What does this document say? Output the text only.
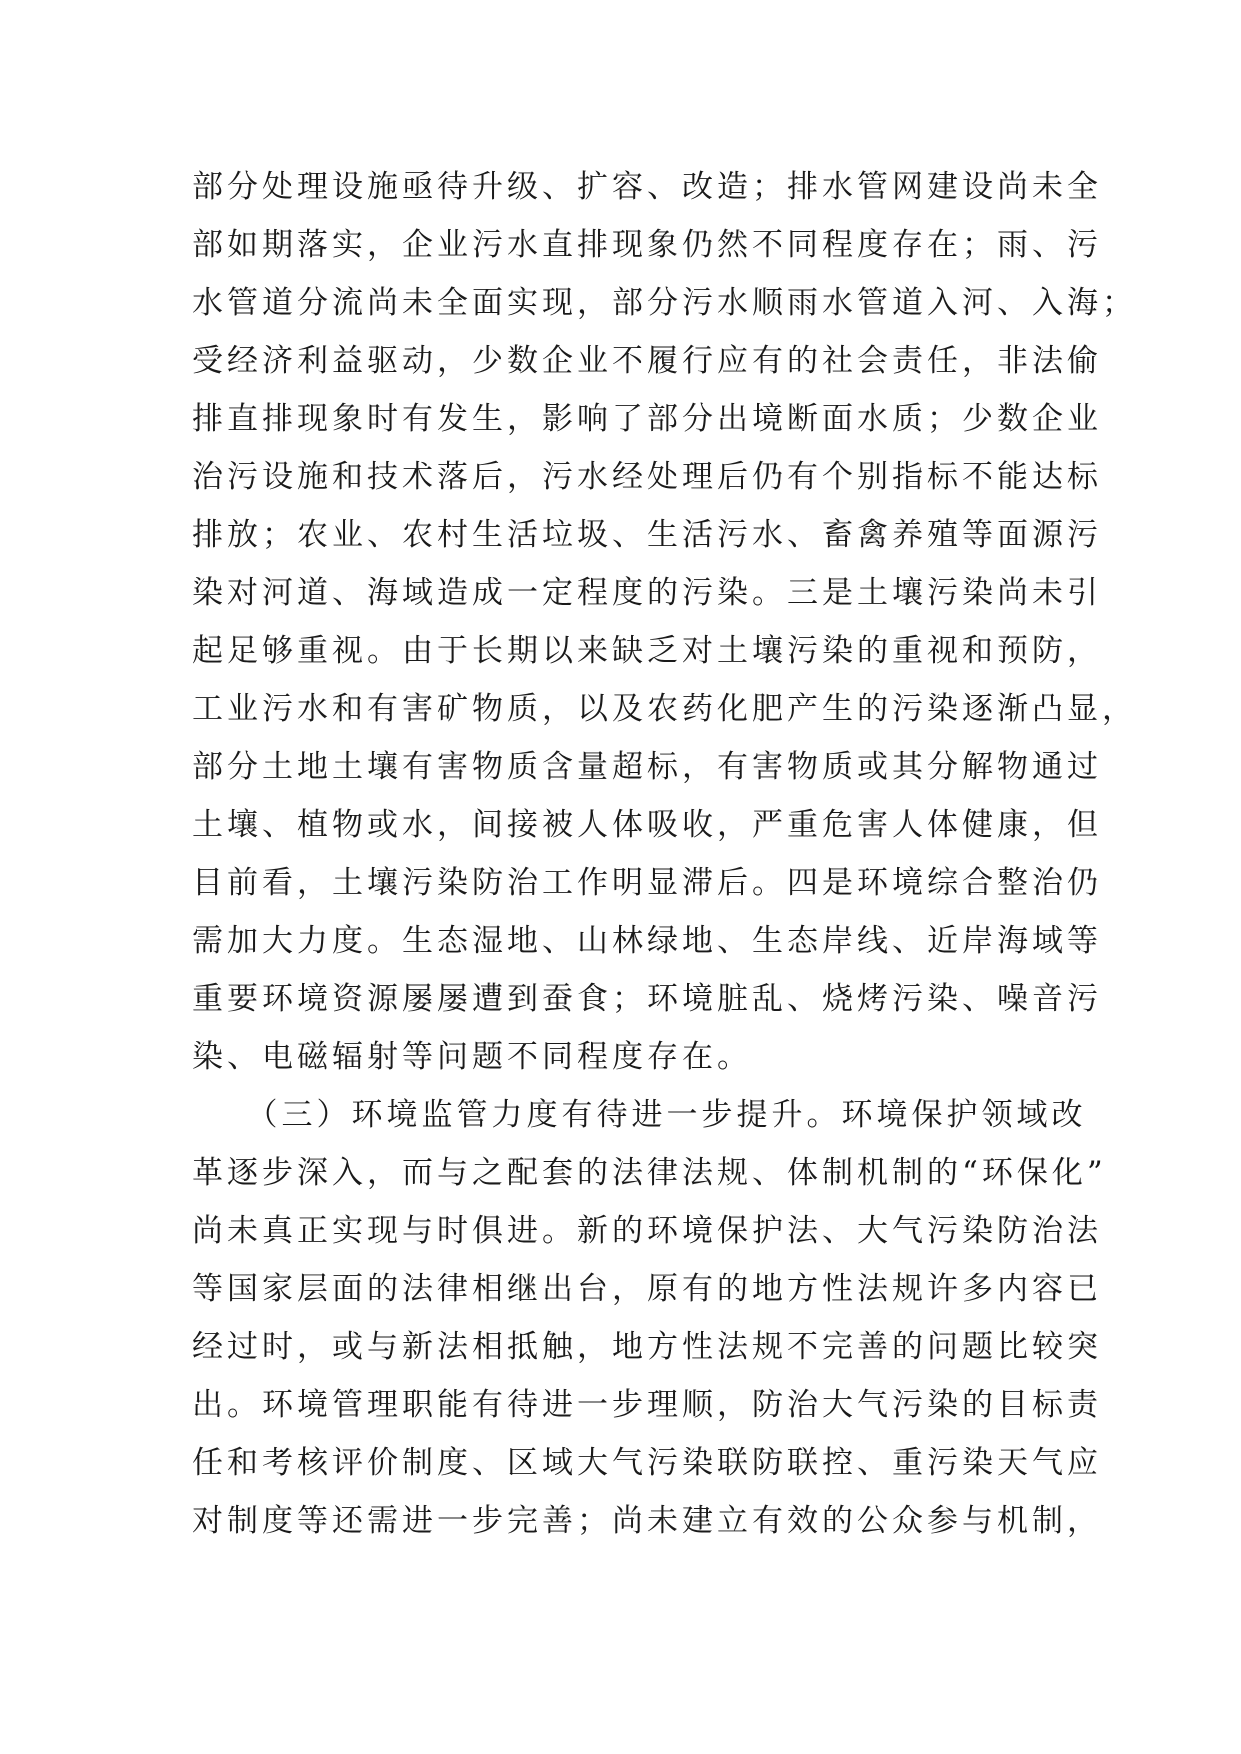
部分处理设施亟待升级、扩容、改造；排水管网建设尚未全
部如期落实，企业污水直排现象仍然不同程度存在；雨、污
水管道分流尚未全面实现，部分污水顺雨水管道入河、入海；
受经济利益驱动，少数企业不履行应有的社会责任，非法偷
排直排现象时有发生，影响了部分出境断面水质；少数企业
治污设施和技术落后，污水经处理后仍有个别指标不能达标
排放；农业、农村生活垃圾、生活污水、畜禽养殖等面源污
染对河道、海域造成一定程度的污染。三是土壤污染尚未引
起足够重视。由于长期以来缺乏对土壤污染的重视和预防，
工业污水和有害矿物质，以及农药化肥产生的污染逐渐凸显，
部分土地土壤有害物质含量超标，有害物质或其分解物通过
土壤、植物或水，间接被人体吸收，严重危害人体健康，但
目前看，土壤污染防治工作明显滞后。四是环境综合整治仍
需加大力度。生态湿地、山林绿地、生态岸线、近岸海域等
重要环境资源屡屡遭到蚕食；环境脏乱、烧烤污染、噪音污
染、电磁辐射等问题不同程度存在。
　　（三）环境监管力度有待进一步提升。环境保护领域改
革逐步深入，而与之配套的法律法规、体制机制的“环保化”
尚未真正实现与时俱进。新的环境保护法、大气污染防治法
等国家层面的法律相继出台，原有的地方性法规许多内容已
经过时，或与新法相抵触，地方性法规不完善的问题比较突
出。环境管理职能有待进一步理顺，防治大气污染的目标责
任和考核评价制度、区域大气污染联防联控、重污染天气应
对制度等还需进一步完善；尚未建立有效的公众参与机制，
